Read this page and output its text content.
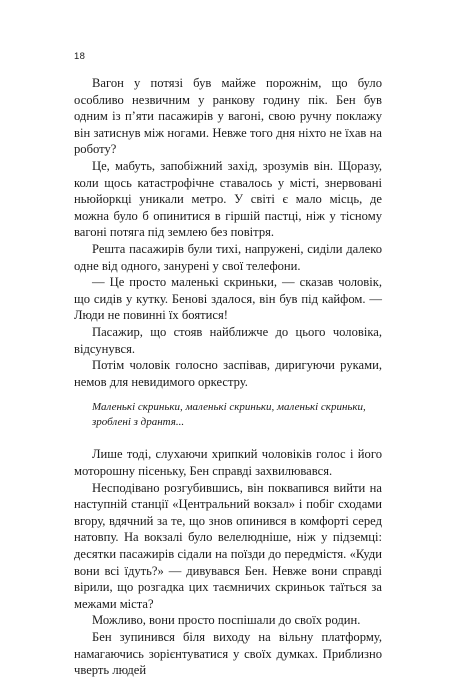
18

Вагон у потязі був майже порожнім, що було особливо незвичним у ранкову годину пік. Бен був одним із п’яти пасажирів у вагоні, свою ручну поклажу він затиснув між ногами. Невже того дня ніхто не їхав на роботу?

Це, мабуть, запобіжний захід, зрозумів він. Щоразу, коли щось катастрофічне ставалось у місті, знервовані ньюйоркці уникали метро. У світі є мало місць, де можна було б опинитися в гіршій пастці, ніж у тісному вагоні потяга під землею без повітря.

Решта пасажирів були тихі, напружені, сиділи далеко одне від одного, занурені у свої телефони.

— Це просто маленькі скриньки, — сказав чоловік, що сидів у кутку. Бенові здалося, він був під кайфом. — Люди не повинні їх боятися!

Пасажир, що стояв найближче до цього чоловіка, відсунувся.

Потім чоловік голосно заспівав, диригуючи руками, немов для невидимого оркестру.

Маленькі скриньки, маленькі скриньки, маленькі скриньки,
зроблені з дрантя...

Лише тоді, слухаючи хрипкий чоловіків голос і його моторошну пісеньку, Бен справді захвилювався.

Несподівано розгубившись, він поквапився вийти на наступній станції «Центральний вокзал» і побіг сходами вгору, вдячний за те, що знов опинився в комфорті серед натовпу. На вокзалі було велелюдніше, ніж у підземці: десятки пасажирів сідали на поїзди до передмістя. «Куди вони всі їдуть?» — дивувався Бен. Невже вони справді вірили, що розгадка цих таємничих скриньок таїться за межами міста?

Можливо, вони просто поспішали до своїх родин.

Бен зупинився біля виходу на вільну платформу, намагаючись зорієнтуватися у своїх думках. Приблизно чверть людей
